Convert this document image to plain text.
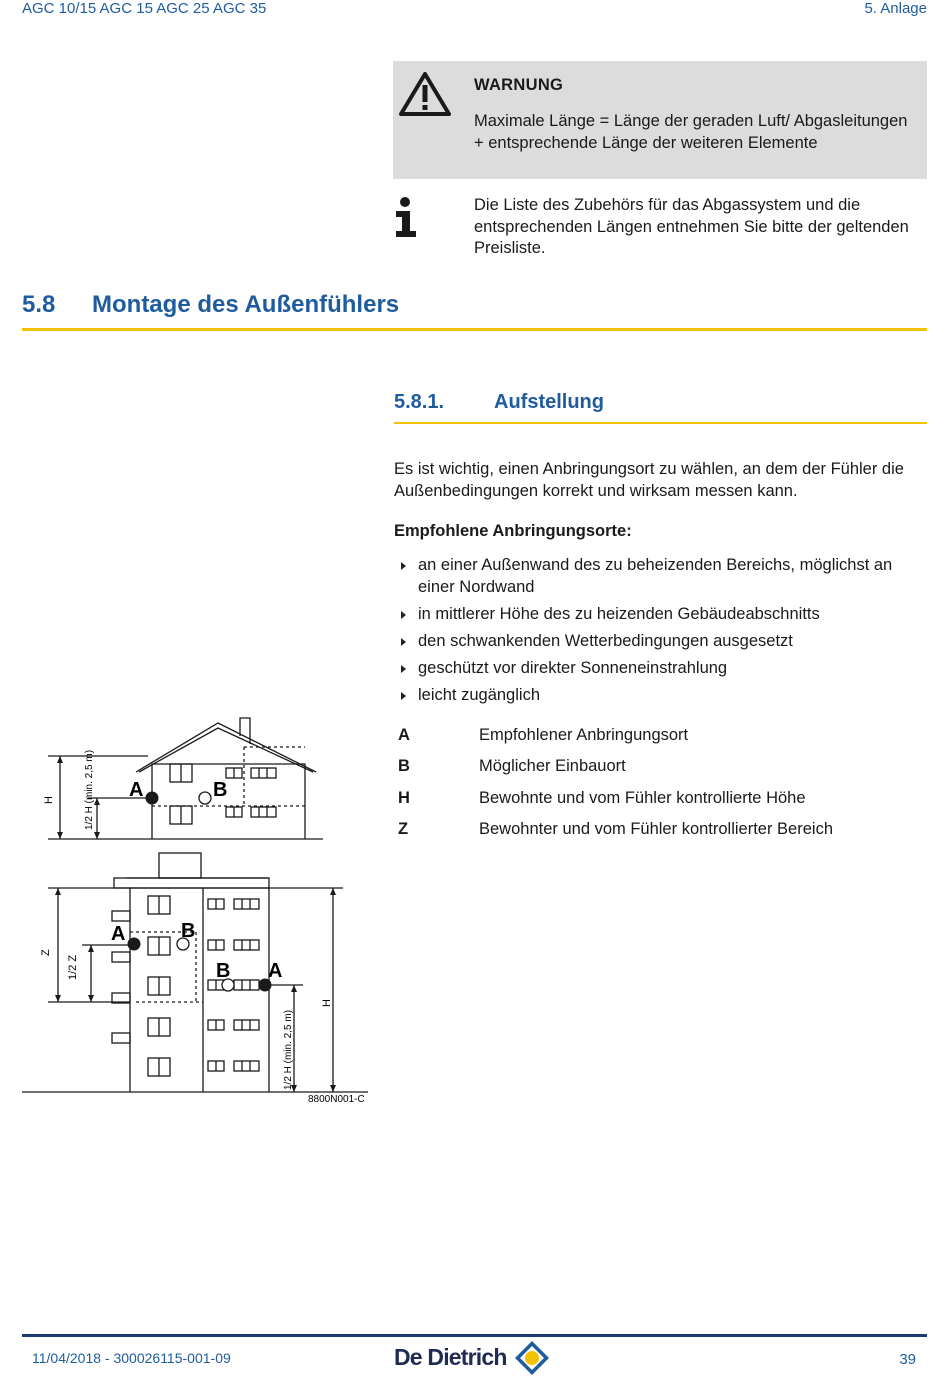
AGC 10/15 AGC 15 AGC 25 AGC 35	5. Anlage
WARNUNG
Maximale Länge = Länge der geraden Luft/ Abgasleitungen + entsprechende Länge der weiteren Elemente
Die Liste des Zubehörs für das Abgassystem und die entsprechenden Längen entnehmen Sie bitte der geltenden Preisliste.
5.8 Montage des Außenfühlers
5.8.1. Aufstellung
Es ist wichtig, einen Anbringungsort zu wählen, an dem der Fühler die Außenbedingungen korrekt und wirksam messen kann.
Empfohlene Anbringungsorte:
an einer Außenwand des zu beheizenden Bereichs, möglichst an einer Nordwand
in mittlerer Höhe des zu heizenden Gebäudeabschnitts
den schwankenden Wetterbedingungen ausgesetzt
geschützt vor direkter Sonneneinstrahlung
leicht zugänglich
A	Empfohlener Anbringungsort
B	Möglicher Einbauort
H	Bewohnte und vom Fühler kontrollierte Höhe
Z	Bewohnter und vom Fühler kontrollierter Bereich
A	B
A	B
B A
H	1/2 H (min. 2,5 m)
Z
1/2 Z
H
1/2 H (min. 2,5 m)
8800N001-C
11/04/2018 - 300026115-001-09	De Dietrich	39
